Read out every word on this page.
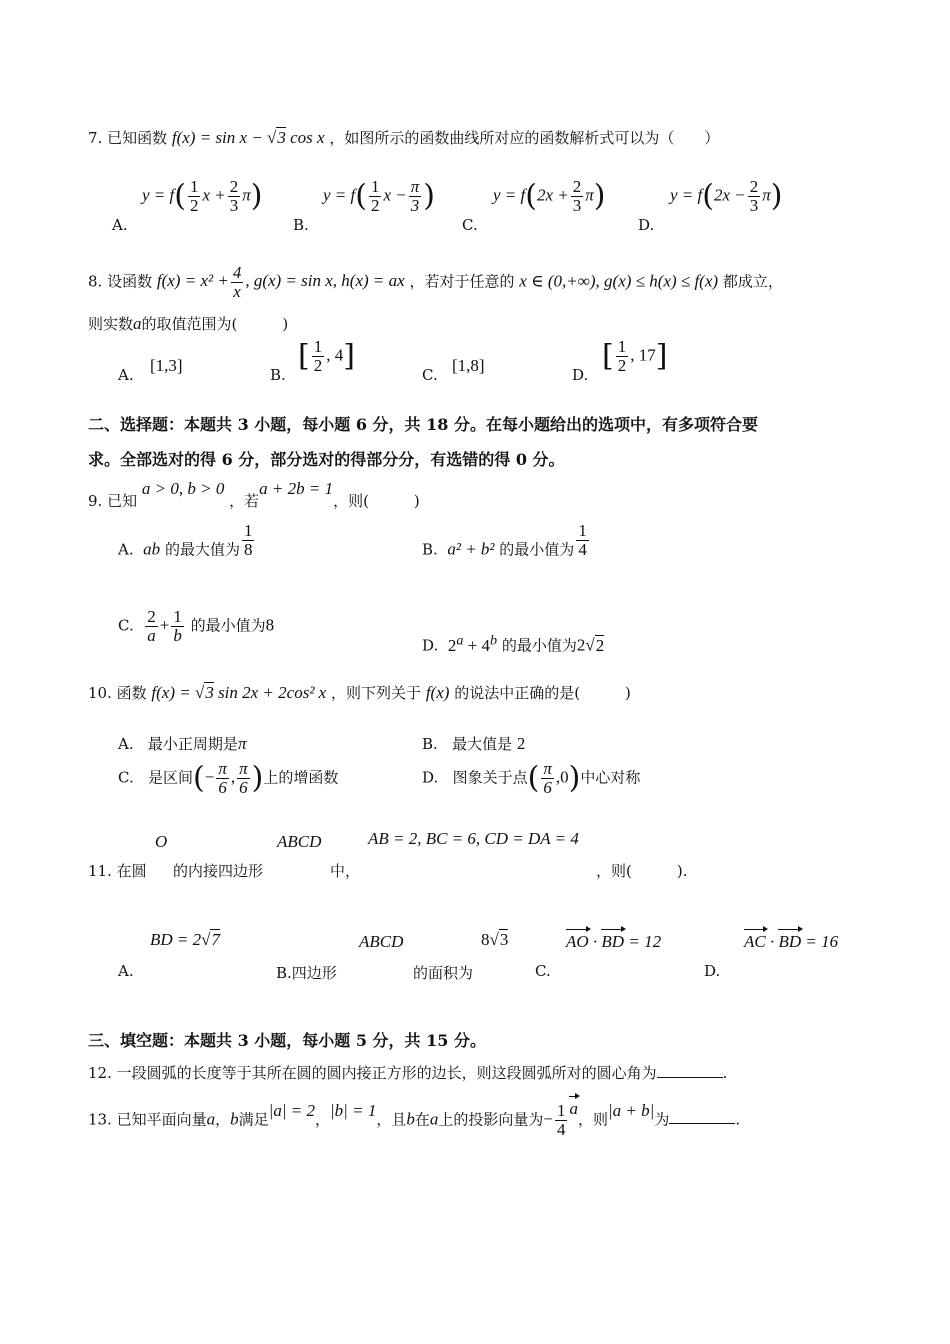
7. 已知函数 f(x) = sin x − √3 cos x ，如图所示的函数曲线所对应的函数解析式可以为（　　）
A.
$y = f( \frac{1}{2}$ $x + \frac{2}{3} \pi$)
B.
$y = f( \frac{1}{2}$ $x - \frac{\pi}{3}$ )
C.
$y = f(2x + \frac{2}{3} \pi)$
D.
$y = f(2x - \frac{2}{3} \pi)$
8. 设函数 $f(x) = x^2 + \frac{4}{x}$ , g(x) = sin x, h(x) = ax ，若对于任意的 x ∈ (0,+∞), g(x) ≤ h(x) ≤ f(x) 都成立，
则实数a的取值范围为(　　　)
A. [1,3]	B.
[ $\frac{1}{2}$ , 4]
C. [1,8]	D.
[ $\frac{1}{2}$ , 17]
二、选择题：本题共 3 小题，每小题 6 分，共 18 分。在每小题给出的选项中，有多项符合要
求。全部选对的得 6 分，部分选对的得部分分，有选错的得 0 分。
9. 已知 a > 0, b > 0 ，若a + 2b = 1，则(　　　)
A. ab 的最大值为 $\frac{1}{8}$	B. a² + b² 的最小值为 $\frac{1}{4}$
C. $\frac{2}{a} + \frac{1}{b}$ 的最小值为8
D. $2^a + 4^b$ 的最小值为2√2
10. 函数 f(x) = √3 sin 2x + 2cos² x ，则下列关于 f(x) 的说法中正确的是(　　　)
A. 最小正周期是π	B. 最大值是 2
C. 是区间(− $\frac{\pi}{6}$ , $\frac{\pi}{6}$ )上的增函数	D. 图象关于点( $\frac{\pi}{6} ,0$)中心对称
O	ABCD	AB = 2, BC = 6, CD = DA = 4
11. 在圆 的内接四边形	中，	，则(　　　).
BD = 2√7
A.	B.四边形
ABCD
的面积为
8√3	AO · BD = 12
C.
AC · BD = 16
D.
三、填空题：本题共 3 小题，每小题 5 分，共 15 分。
12. 一段圆弧的长度等于其所在圆的圆内接正方形的边长，则这段圆弧所对的圆心角为	.
13. 已知平面向量a，b满足|a| = 2，|b| = 1，且b在a上的投影向量为− $\frac{1}{4}$ a，则|a + b|为	.
